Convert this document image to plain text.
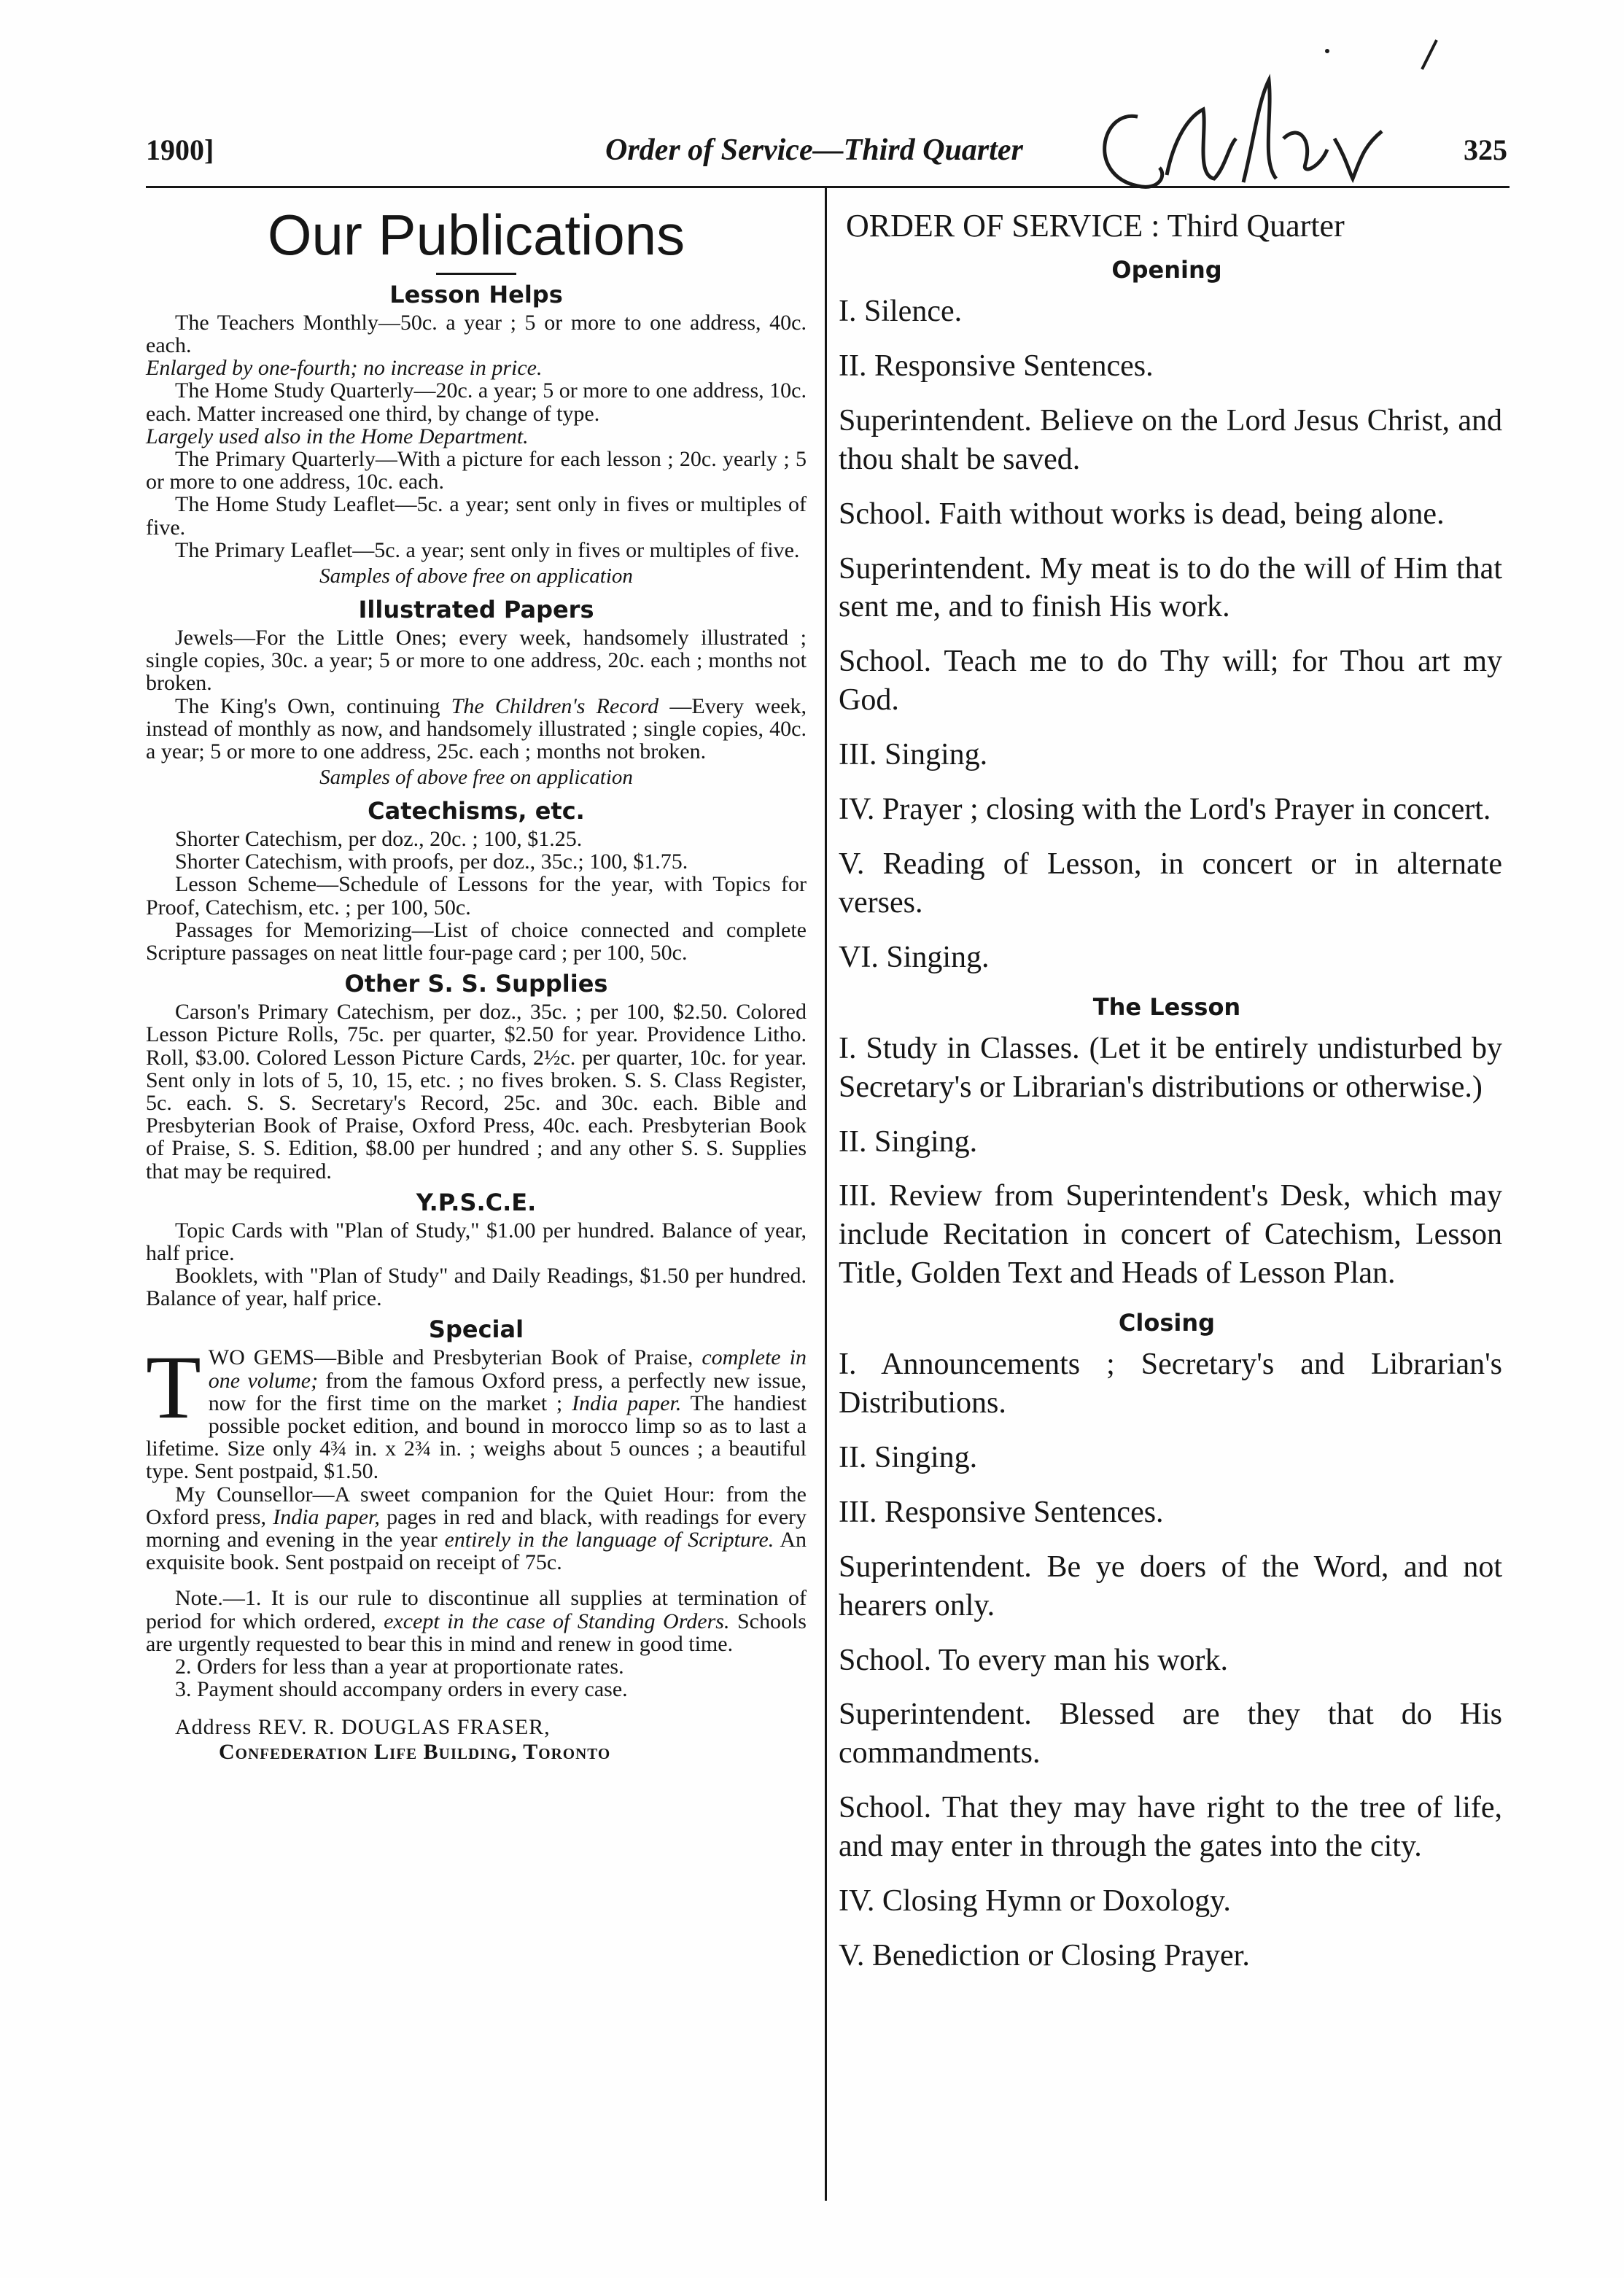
1900]	Order of Service—Third Quarter	325
Our Publications
Lesson Helps

The Teachers Monthly—50c. a year ; 5 or more to one address, 40c. each.

Enlarged by one-fourth; no increase in price.

The Home Study Quarterly—20c. a year; 5 or more to one address, 10c. each. Matter increased one third, by change of type.

Largely used also in the Home Department.

The Primary Quarterly—With a picture for each lesson ; 20c. yearly ; 5 or more to one address, 10c. each.

The Home Study Leaflet—5c. a year; sent only in fives or multiples of five.

The Primary Leaflet—5c. a year; sent only in fives or multiples of five.

Samples of above free on application
Illustrated Papers

Jewels—For the Little Ones; every week, handsomely illustrated ; single copies, 30c. a year; 5 or more to one address, 20c. each ; months not broken.

The King's Own, continuing The Children's Record —Every week, instead of monthly as now, and handsomely illustrated ; single copies, 40c. a year; 5 or more to one address, 25c. each ; months not broken.

Samples of above free on application
Catechisms, etc.

Shorter Catechism, per doz., 20c. ; 100, $1.25.

Shorter Catechism, with proofs, per doz., 35c.; 100, $1.75.

Lesson Scheme—Schedule of Lessons for the year, with Topics for Proof, Catechism, etc. ; per 100, 50c.

Passages for Memorizing—List of choice connected and complete Scripture passages on neat little four-page card ; per 100, 50c.

Other S. S. Supplies

Carson's Primary Catechism, per doz., 35c. ; per 100, $2.50. Colored Lesson Picture Rolls, 75c. per quarter, $2.50 for year. Providence Litho. Roll, $3.00. Colored Lesson Picture Cards, 2½c. per quarter, 10c. for year. Sent only in lots of 5, 10, 15, etc. ; no fives broken. S. S. Class Register, 5c. each. S. S. Secretary's Record, 25c. and 30c. each. Bible and Presbyterian Book of Praise, Oxford Press, 40c. each. Presbyterian Book of Praise, S. S. Edition, $8.00 per hundred ; and any other S. S. Supplies that may be required.

Y.P.S.C.E.

Topic Cards with "Plan of Study," $1.00 per hundred. Balance of year, half price.

Booklets, with "Plan of Study" and Daily Readings, $1.50 per hundred. Balance of year, half price.

Special

TWO GEMS—Bible and Presbyterian Book of Praise, complete in one volume; from the famous Oxford press, a perfectly new issue, now for the first time on the market ; India paper. The handiest possible pocket edition, and bound in morocco limp so as to last a lifetime. Size only 4¾ in. x 2¾ in. ; weighs about 5 ounces ; a beautiful type. Sent postpaid, $1.50.

My Counsellor—A sweet companion for the Quiet Hour: from the Oxford press, India paper, pages in red and black, with readings for every morning and evening in the year entirely in the language of Scripture. An exquisite book. Sent postpaid on receipt of 75c.

Note.—1. It is our rule to discontinue all supplies at termination of period for which ordered, except in the case of Standing Orders. Schools are urgently requested to bear this in mind and renew in good time.

2. Orders for less than a year at proportionate rates.

3. Payment should accompany orders in every case.

Address REV. R. DOUGLAS FRASER,
Confederation Life Building, Toronto
ORDER OF SERVICE : Third Quarter
Opening
I. Silence.
II. Responsive Sentences.
Superintendent. Believe on the Lord Jesus Christ, and thou shalt be saved.
School. Faith without works is dead, being alone.
Superintendent. My meat is to do the will of Him that sent me, and to finish His work.
School. Teach me to do Thy will; for Thou art my God.
III. Singing.
IV. Prayer ; closing with the Lord's Prayer in concert.
V. Reading of Lesson, in concert or in alternate verses.
VI. Singing.
The Lesson
I. Study in Classes. (Let it be entirely undisturbed by Secretary's or Librarian's distributions or otherwise.)
II. Singing.
III. Review from Superintendent's Desk, which may include Recitation in concert of Catechism, Lesson Title, Golden Text and Heads of Lesson Plan.
Closing
I. Announcements ; Secretary's and Librarian's Distributions.
II. Singing.
III. Responsive Sentences.
Superintendent. Be ye doers of the Word, and not hearers only.
School. To every man his work.
Superintendent. Blessed are they that do His commandments.
School. That they may have right to the tree of life, and may enter in through the gates into the city.
IV. Closing Hymn or Doxology.
V. Benediction or Closing Prayer.
